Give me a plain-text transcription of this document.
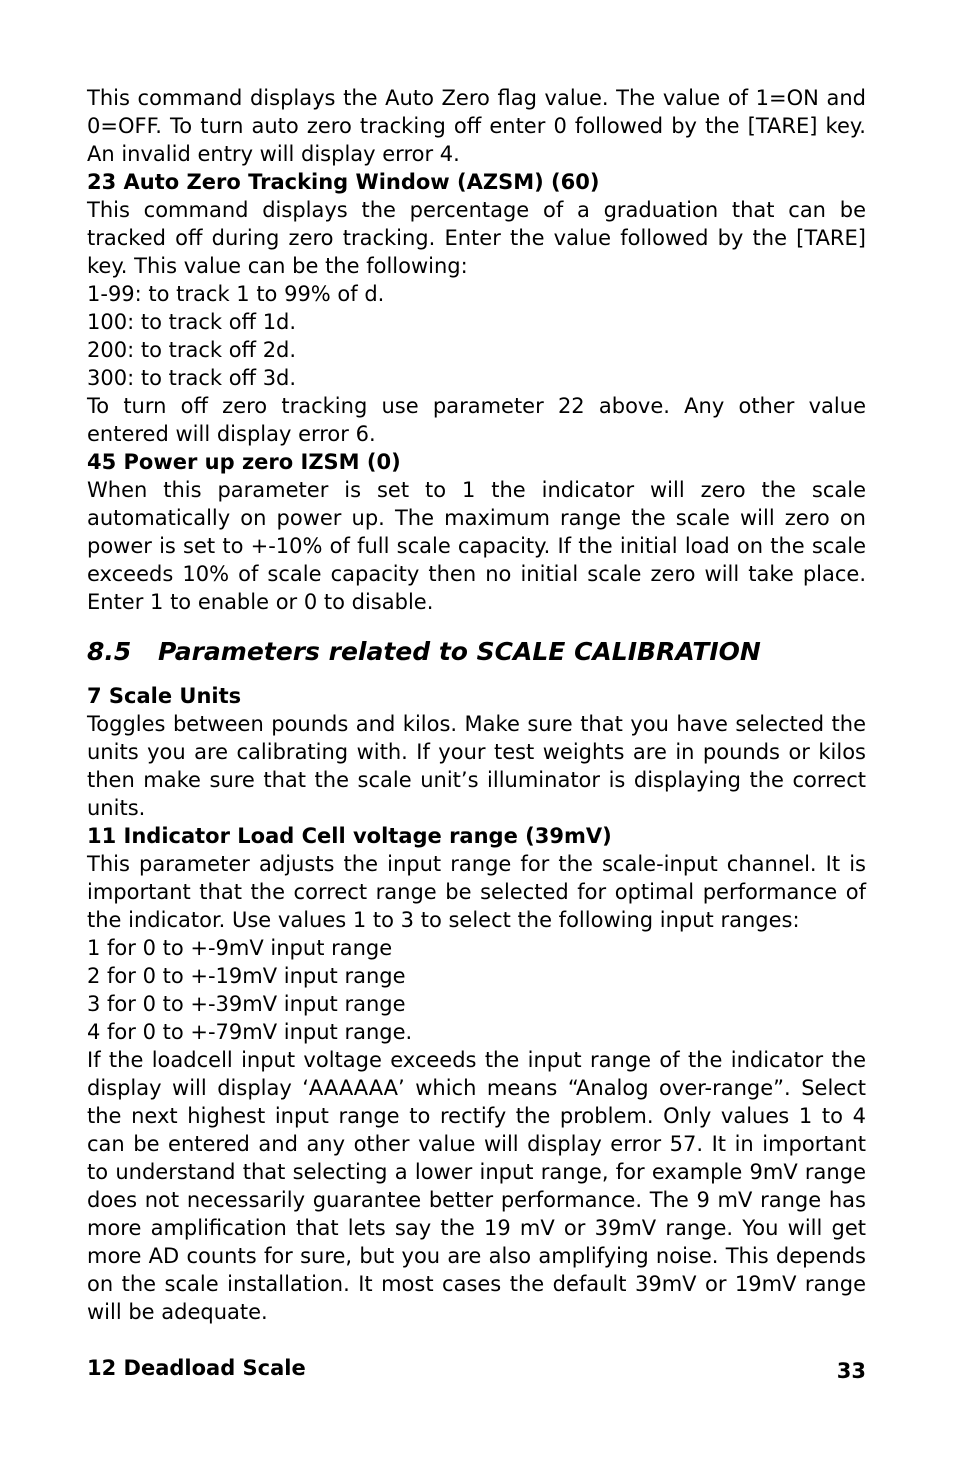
This command displays the Auto Zero flag value. The value of 1=ON and 0=OFF. To turn auto zero tracking off enter 0 followed by the [TARE] key. An invalid entry will display error 4.

23 Auto Zero Tracking Window (AZSM) (60)

This command displays the percentage of a graduation that can be tracked off during zero tracking. Enter the value followed by the [TARE] key. This value can be the following:

1-99: to track 1 to 99% of d.

100: to track off 1d.

200: to track off 2d.

300: to track off 3d.

To turn off zero tracking use parameter 22 above. Any other value entered will display error 6.

45 Power up zero IZSM (0)

When this parameter is set to 1 the indicator will zero the scale automatically on power up. The maximum range the scale will zero on power is set to +-10% of full scale capacity. If the initial load on the scale exceeds 10% of scale capacity then no initial scale zero will take place. Enter 1 to enable or 0 to disable.

8.5 Parameters related to SCALE CALIBRATION

7 Scale Units

Toggles between pounds and kilos. Make sure that you have selected the units you are calibrating with. If your test weights are in pounds or kilos then make sure that the scale unit’s illuminator is displaying the correct units.

11 Indicator Load Cell voltage range (39mV)

This parameter adjusts the input range for the scale-input channel. It is important that the correct range be selected for optimal performance of the indicator. Use values 1 to 3 to select the following input ranges:

1 for 0 to +-9mV input range

2 for 0 to +-19mV input range

3 for 0 to +-39mV input range

4 for 0 to +-79mV input range.

If the loadcell input voltage exceeds the input range of the indicator the display will display ‘AAAAAA’ which means “Analog over-range”. Select the next highest input range to rectify the problem. Only values 1 to 4 can be entered and any other value will display error 57. It in important to understand that selecting a lower input range, for example 9mV range does not necessarily guarantee better performance. The 9 mV range has more amplification that lets say the 19 mV or 39mV range. You will get more AD counts for sure, but you are also amplifying noise. This depends on the scale installation. It most cases the default 39mV or 19mV range will be adequate.

12 Deadload Scale	33
